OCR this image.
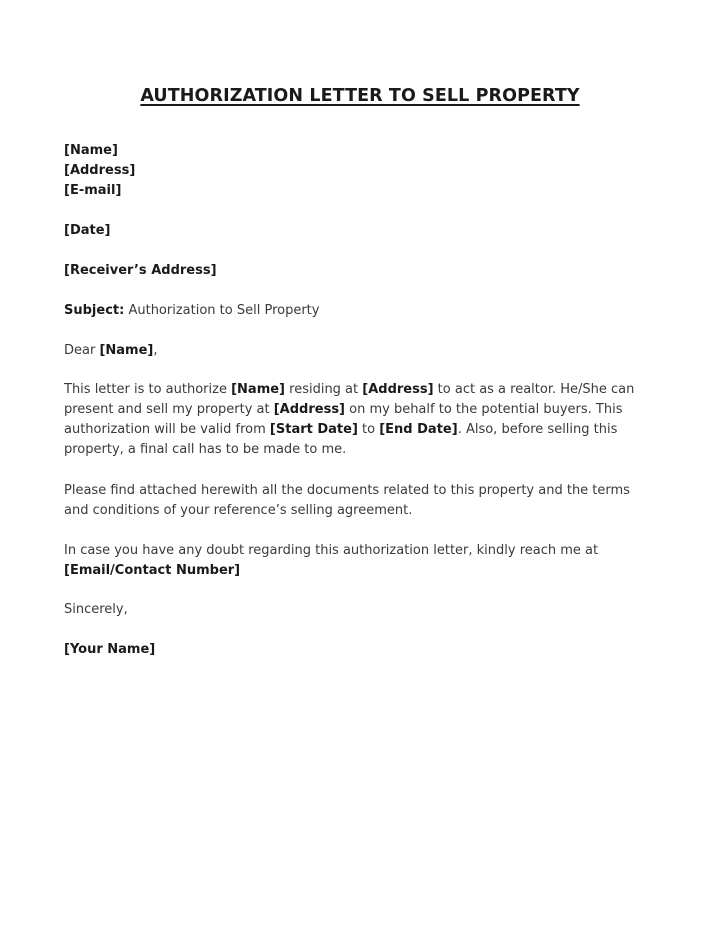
AUTHORIZATION LETTER TO SELL PROPERTY
[Name]
[Address]
[E-mail]
[Date]
[Receiver’s Address]
Subject: Authorization to Sell Property
Dear [Name],
This letter is to authorize [Name] residing at [Address] to act as a realtor. He/She can
present and sell my property at [Address] on my behalf to the potential buyers. This
authorization will be valid from [Start Date] to [End Date]. Also, before selling this
property, a final call has to be made to me.
Please find attached herewith all the documents related to this property and the terms
and conditions of your reference’s selling agreement.
In case you have any doubt regarding this authorization letter, kindly reach me at
[Email/Contact Number]
Sincerely,
[Your Name]
